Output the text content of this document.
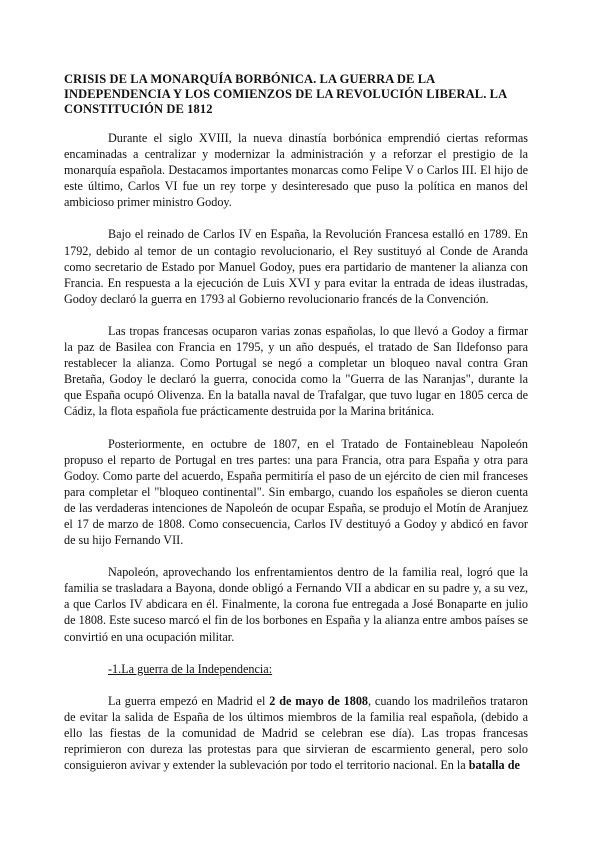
CRISIS DE LA MONARQUÍA BORBÓNICA. LA GUERRA DE LA INDEPENDENCIA Y LOS COMIENZOS DE LA REVOLUCIÓN LIBERAL. LA CONSTITUCIÓN DE 1812

Durante el siglo XVIII, la nueva dinastía borbónica emprendió ciertas reformas encaminadas a centralizar y modernizar la administración y a reforzar el prestigio de la monarquía española. Destacamos importantes monarcas como Felipe V o Carlos III. El hijo de este último, Carlos VI fue un rey torpe y desinteresado que puso la política en manos del ambicioso primer ministro Godoy.

Bajo el reinado de Carlos IV en España, la Revolución Francesa estalló en 1789. En 1792, debido al temor de un contagio revolucionario, el Rey sustituyó al Conde de Aranda como secretario de Estado por Manuel Godoy, pues era partidario de mantener la alianza con Francia. En respuesta a la ejecución de Luis XVI y para evitar la entrada de ideas ilustradas, Godoy declaró la guerra en 1793 al Gobierno revolucionario francés de la Convención.

Las tropas francesas ocuparon varias zonas españolas, lo que llevó a Godoy a firmar la paz de Basilea con Francia en 1795, y un año después, el tratado de San Ildefonso para restablecer la alianza. Como Portugal se negó a completar un bloqueo naval contra Gran Bretaña, Godoy le declaró la guerra, conocida como la "Guerra de las Naranjas", durante la que España ocupó Olivenza. En la batalla naval de Trafalgar, que tuvo lugar en 1805 cerca de Cádiz, la flota española fue prácticamente destruida por la Marina británica.

Posteriormente, en octubre de 1807, en el Tratado de Fontainebleau Napoleón propuso el reparto de Portugal en tres partes: una para Francia, otra para España y otra para Godoy. Como parte del acuerdo, España permitiría el paso de un ejército de cien mil franceses para completar el "bloqueo continental". Sin embargo, cuando los españoles se dieron cuenta de las verdaderas intenciones de Napoleón de ocupar España, se produjo el Motín de Aranjuez el 17 de marzo de 1808. Como consecuencia, Carlos IV destituyó a Godoy y abdicó en favor de su hijo Fernando VII.

Napoleón, aprovechando los enfrentamientos dentro de la familia real, logró que la familia se trasladara a Bayona, donde obligó a Fernando VII a abdicar en su padre y, a su vez, a que Carlos IV abdicara en él. Finalmente, la corona fue entregada a José Bonaparte en julio de 1808. Este suceso marcó el fin de los borbones en España y la alianza entre ambos países se convirtió en una ocupación militar.

-1.La guerra de la Independencia:

La guerra empezó en Madrid el 2 de mayo de 1808, cuando los madrileños trataron de evitar la salida de España de los últimos miembros de la familia real española, (debido a ello las fiestas de la comunidad de Madrid se celebran ese día). Las tropas francesas reprimieron con dureza las protestas para que sirvieran de escarmiento general, pero solo consiguieron avivar y extender la sublevación por todo el territorio nacional. En la batalla de
